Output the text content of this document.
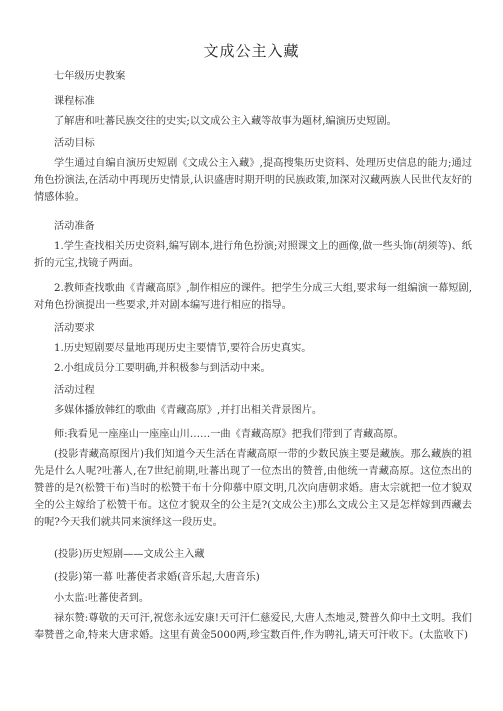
文成公主入藏

七年级历史教案

课程标准

了解唐和吐蕃民族交往的史实;以文成公主入藏等故事为题材,编演历史短剧。

活动目标

学生通过自编自演历史短剧《文成公主入藏》,提高搜集历史资料、处理历史信息的能力;通过角色扮演法,在活动中再现历史情景,认识盛唐时期开明的民族政策,加深对汉藏两族人民世代友好的情感体验。

活动准备

1.学生查找相关历史资料,编写剧本,进行角色扮演;对照课文上的画像,做一些头饰(胡须等)、纸折的元宝,找镜子两面。

2.教师查找歌曲《青藏高原》,制作相应的课件。把学生分成三大组,要求每一组编演一幕短剧,对角色扮演提出一些要求,并对剧本编写进行相应的指导。

活动要求

1.历史短剧要尽量地再现历史主要情节,要符合历史真实。

2.小组成员分工要明确,并积极参与到活动中来。

活动过程

多媒体播放韩红的歌曲《青藏高原》,并打出相关背景图片。

师:我看见一座座山一座座山川……一曲《青藏高原》把我们带到了青藏高原。

(投影青藏高原图片)我们知道今天生活在青藏高原一带的少数民族主要是藏族。那么藏族的祖先是什么人呢?吐蕃人,在7世纪前期,吐蕃出现了一位杰出的赞普,由他统一青藏高原。这位杰出的赞普的是?(松赞干布)当时的松赞干布十分仰慕中原文明,几次向唐朝求婚。唐太宗就把一位才貌双全的公主嫁给了松赞干布。这位才貌双全的公主是?(文成公主)那么文成公主又是怎样嫁到西藏去的呢?今天我们就共同来演绎这一段历史。

(投影)历史短剧——文成公主入藏

(投影)第一幕 吐蕃使者求婚(音乐起,大唐音乐)

小太监:吐蕃使者到。

禄东赞:尊敬的天可汗,祝您永远安康!天可汗仁慈爱民,大唐人杰地灵,赞普久仰中土文明。我们奉赞普之命,特来大唐求婚。这里有黄金5000两,珍宝数百件,作为聘礼,请天可汗收下。(太监收下)
